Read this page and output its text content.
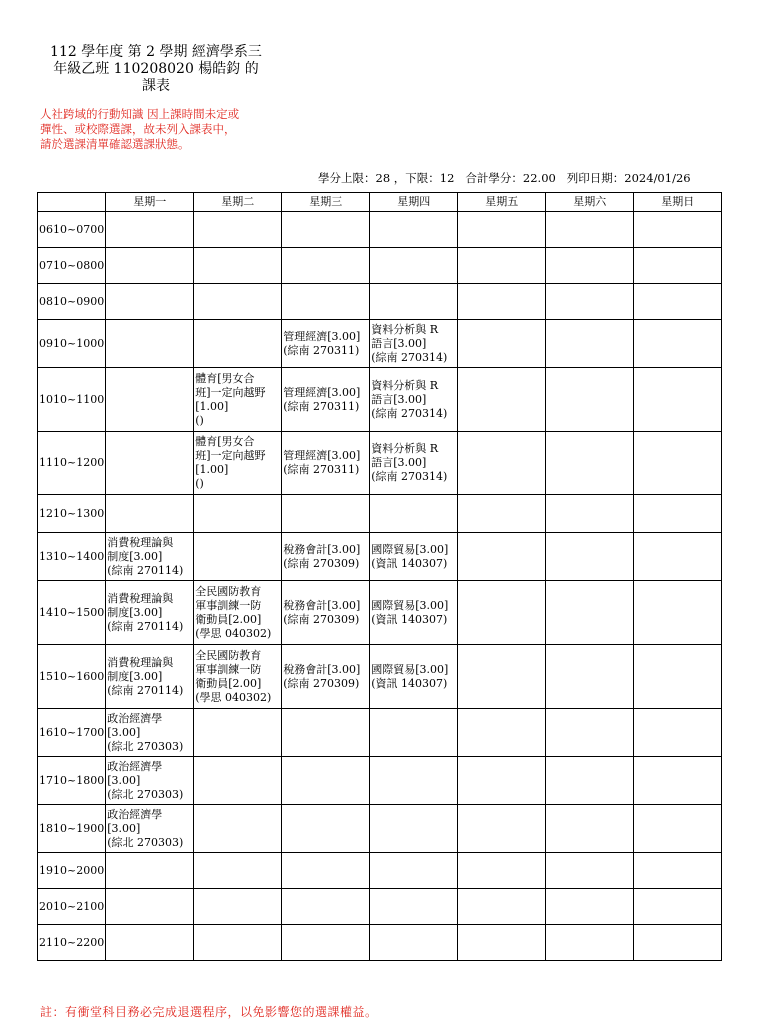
112 學年度 第 2 學期 經濟學系三
年級乙班 110208020 楊皓鈞 的
課表
人社跨域的行動知識 因上課時間未定或
彈性、或校際選課，故未列入課表中，
請於選課清單確認選課狀態。
學分上限：28 ，下限：12 合計學分：22.00 列印日期：2024/01/26
	星期一	星期二	星期三	星期四	星期五	星期六	星期日
0610~0700							
0710~0800							
0810~0900							
0910~1000			管理經濟[3.00]
(綜南 270311)	資料分析與 R
語言[3.00]
(綜南 270314)			

1010~1100		體育[男女合
班]一定向越野
[1.00]
()	管理經濟[3.00]
(綜南 270311)	資料分析與 R
語言[3.00]
(綜南 270314)			

1110~1200		體育[男女合
班]一定向越野
[1.00]
()	管理經濟[3.00]
(綜南 270311)	資料分析與 R
語言[3.00]
(綜南 270314)			

1210~1300							
1310~1400	消費稅理論與
制度[3.00]
(綜南 270114)		稅務會計[3.00]
(綜南 270309)	國際貿易[3.00]
(資訊 140307)			

1410~1500	消費稅理論與
制度[3.00]
(綜南 270114)	全民國防教育
軍事訓練一防
衛動員[2.00]
(學思 040302)	稅務會計[3.00]
(綜南 270309)	國際貿易[3.00]
(資訊 140307)			

1510~1600	消費稅理論與
制度[3.00]
(綜南 270114)	全民國防教育
軍事訓練一防
衛動員[2.00]
(學思 040302)	稅務會計[3.00]
(綜南 270309)	國際貿易[3.00]
(資訊 140307)			

1610~1700	政治經濟學
[3.00]
(綜北 270303)						

1710~1800	政治經濟學
[3.00]
(綜北 270303)						

1810~1900	政治經濟學
[3.00]
(綜北 270303)						

1910~2000							
2010~2100							
2110~2200							
註：有衝堂科目務必完成退選程序，以免影響您的選課權益。
